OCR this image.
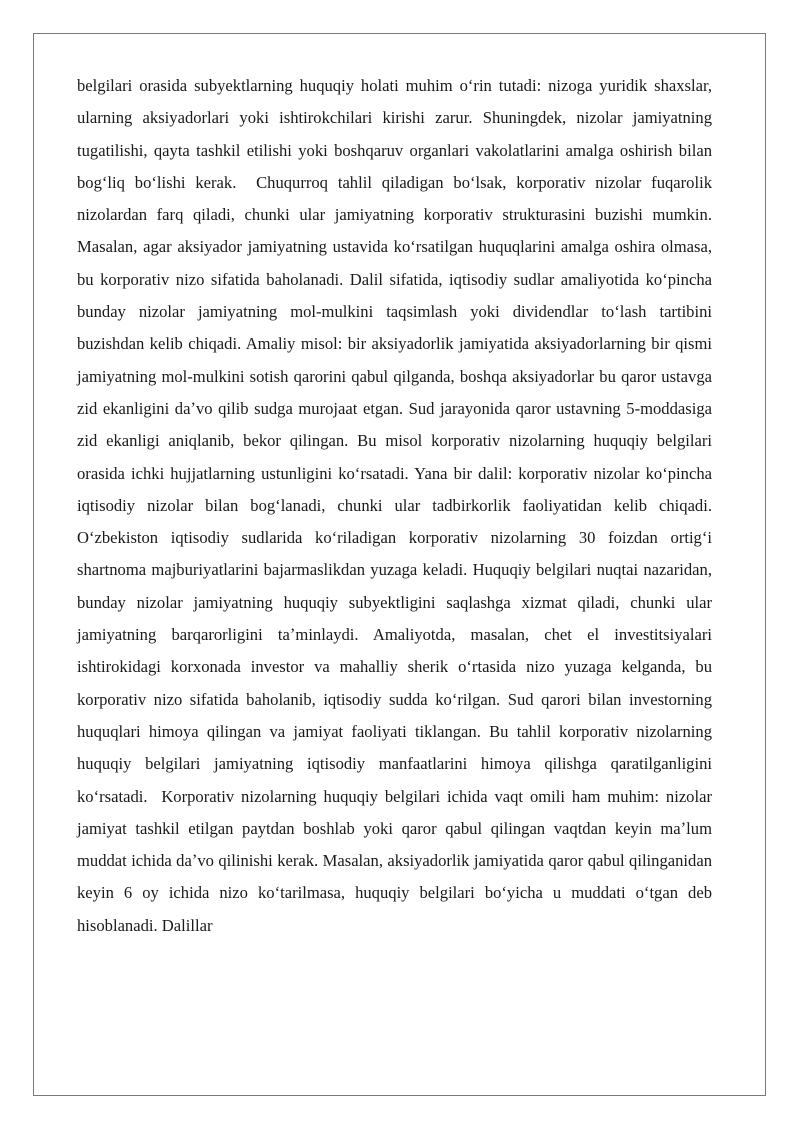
belgilari orasida subyektlarning huquqiy holati muhim oʻrin tutadi: nizoga yuridik shaxslar, ularning aksiyadorlari yoki ishtirokchilari kirishi zarur. Shuningdek, nizolar jamiyatning tugatilishi, qayta tashkil etilishi yoki boshqaruv organlari vakolatlarini amalga oshirish bilan bogʻliq boʻlishi kerak.  Chuqurroq tahlil qiladigan boʻlsak, korporativ nizolar fuqarolik nizolardan farq qiladi, chunki ular jamiyatning korporativ strukturasini buzishi mumkin. Masalan, agar aksiyador jamiyatning ustavida koʻrsatilgan huquqlarini amalga oshira olmasa, bu korporativ nizo sifatida baholanadi. Dalil sifatida, iqtisodiy sudlar amaliyotida koʻpincha bunday nizolar jamiyatning mol-mulkini taqsimlash yoki dividendlar toʻlash tartibini buzishdan kelib chiqadi. Amaliy misol: bir aksiyadorlik jamiyatida aksiyadorlarning bir qismi jamiyatning mol-mulkini sotish qarorini qabul qilganda, boshqa aksiyadorlar bu qaror ustavga zid ekanligini daʼvo qilib sudga murojaat etgan. Sud jarayonida qaror ustavning 5-moddasiga zid ekanligi aniqlanib, bekor qilingan. Bu misol korporativ nizolarning huquqiy belgilari orasida ichki hujjatlarning ustunligini koʻrsatadi. Yana bir dalil: korporativ nizolar koʻpincha iqtisodiy nizolar bilan bogʻlanadi, chunki ular tadbirkorlik faoliyatidan kelib chiqadi. Oʻzbekiston iqtisodiy sudlarida koʻriladigan korporativ nizolarning 30 foizdan ortigʻi shartnoma majburiyatlarini bajarmaslikdan yuzaga keladi. Huquqiy belgilari nuqtai nazaridan, bunday nizolar jamiyatning huquqiy subyektligini saqlashga xizmat qiladi, chunki ular jamiyatning barqarorligini taʼminlaydi. Amaliyotda, masalan, chet el investitsiyalari ishtirokidagi korxonada investor va mahalliy sherik oʻrtasida nizo yuzaga kelganda, bu korporativ nizo sifatida baholanib, iqtisodiy sudda koʻrilgan. Sud qarori bilan investorning huquqlari himoya qilingan va jamiyat faoliyati tiklangan. Bu tahlil korporativ nizolarning huquqiy belgilari jamiyatning iqtisodiy manfaatlarini himoya qilishga qaratilganligini koʻrsatadi.  Korporativ nizolarning huquqiy belgilari ichida vaqt omili ham muhim: nizolar jamiyat tashkil etilgan paytdan boshlab yoki qaror qabul qilingan vaqtdan keyin maʼlum muddat ichida daʼvo qilinishi kerak. Masalan, aksiyadorlik jamiyatida qaror qabul qilinganidan keyin 6 oy ichida nizo koʻtarilmasa, huquqiy belgilari boʻyicha u muddati oʻtgan deb hisoblanadi. Dalillar
